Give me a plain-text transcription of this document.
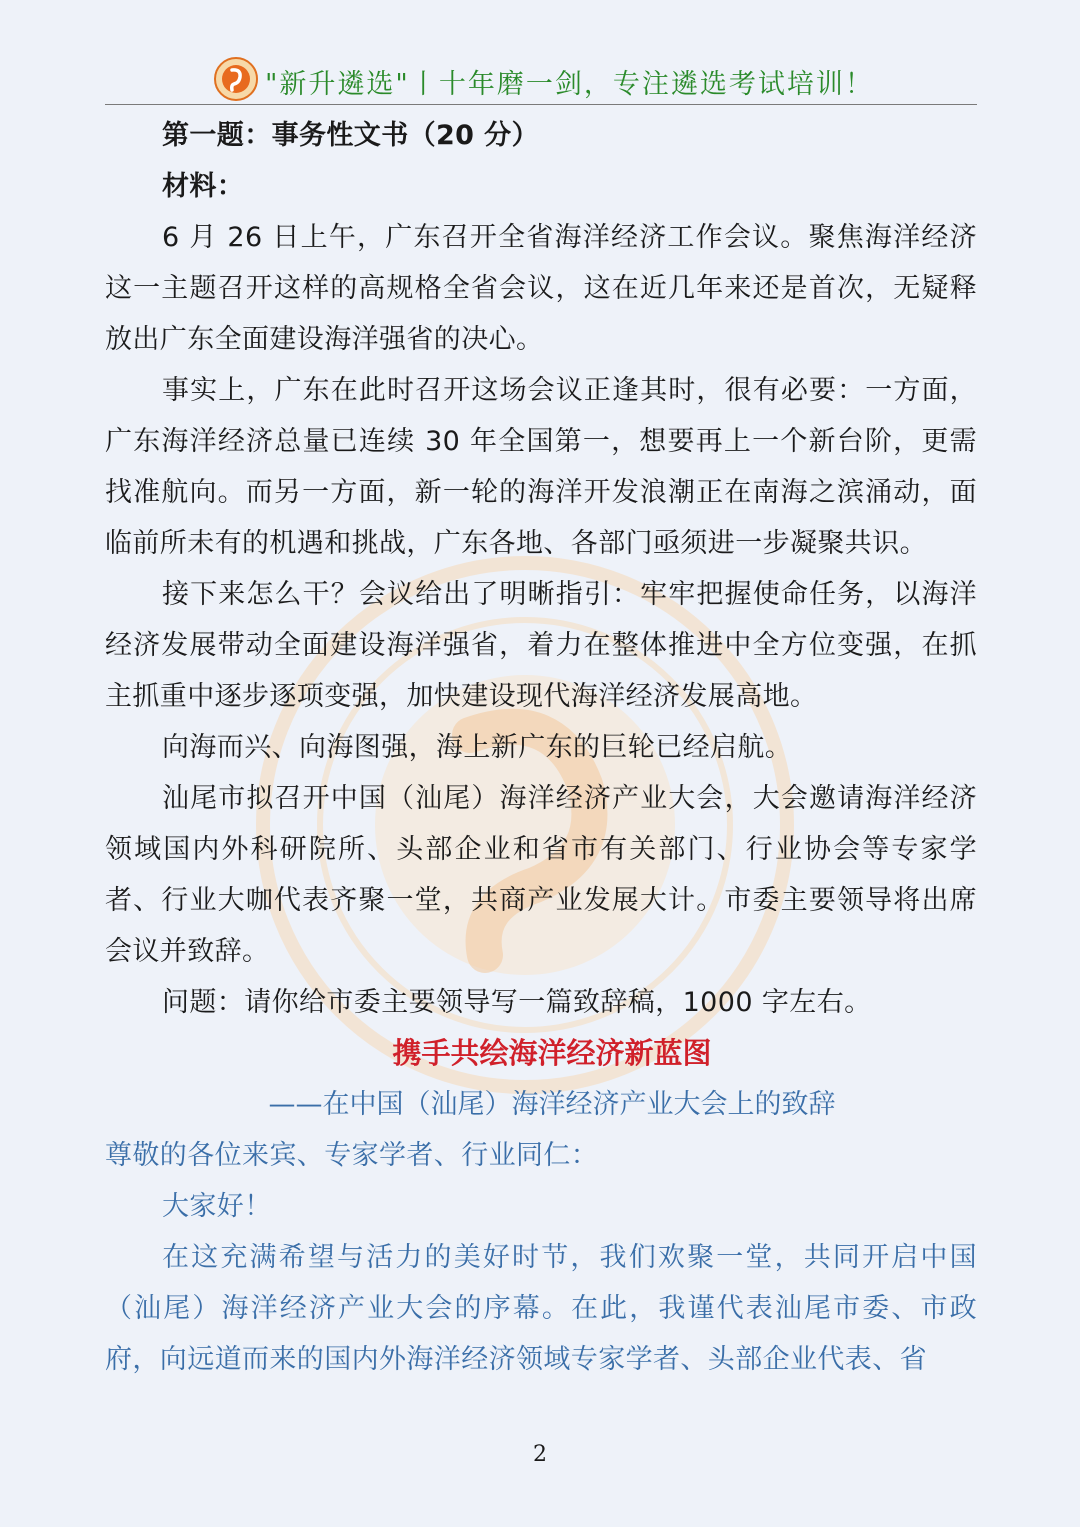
"新升遴选"丨十年磨一剑，专注遴选考试培训！

第一题：事务性文书（20 分）

材料：

6 月 26 日上午，广东召开全省海洋经济工作会议。聚焦海洋经济这一主题召开这样的高规格全省会议，这在近几年来还是首次，无疑释放出广东全面建设海洋强省的决心。

事实上，广东在此时召开这场会议正逢其时，很有必要：一方面，广东海洋经济总量已连续 30 年全国第一，想要再上一个新台阶，更需找准航向。而另一方面，新一轮的海洋开发浪潮正在南海之滨涌动，面临前所未有的机遇和挑战，广东各地、各部门亟须进一步凝聚共识。

接下来怎么干？会议给出了明晰指引：牢牢把握使命任务，以海洋经济发展带动全面建设海洋强省，着力在整体推进中全方位变强，在抓主抓重中逐步逐项变强，加快建设现代海洋经济发展高地。

向海而兴、向海图强，海上新广东的巨轮已经启航。

汕尾市拟召开中国（汕尾）海洋经济产业大会，大会邀请海洋经济领域国内外科研院所、头部企业和省市有关部门、行业协会等专家学者、行业大咖代表齐聚一堂，共商产业发展大计。市委主要领导将出席会议并致辞。

问题：请你给市委主要领导写一篇致辞稿，1000 字左右。

携手共绘海洋经济新蓝图

——在中国（汕尾）海洋经济产业大会上的致辞

尊敬的各位来宾、专家学者、行业同仁：

大家好！

在这充满希望与活力的美好时节，我们欢聚一堂，共同开启中国（汕尾）海洋经济产业大会的序幕。在此，我谨代表汕尾市委、市政府，向远道而来的国内外海洋经济领域专家学者、头部企业代表、省

2
